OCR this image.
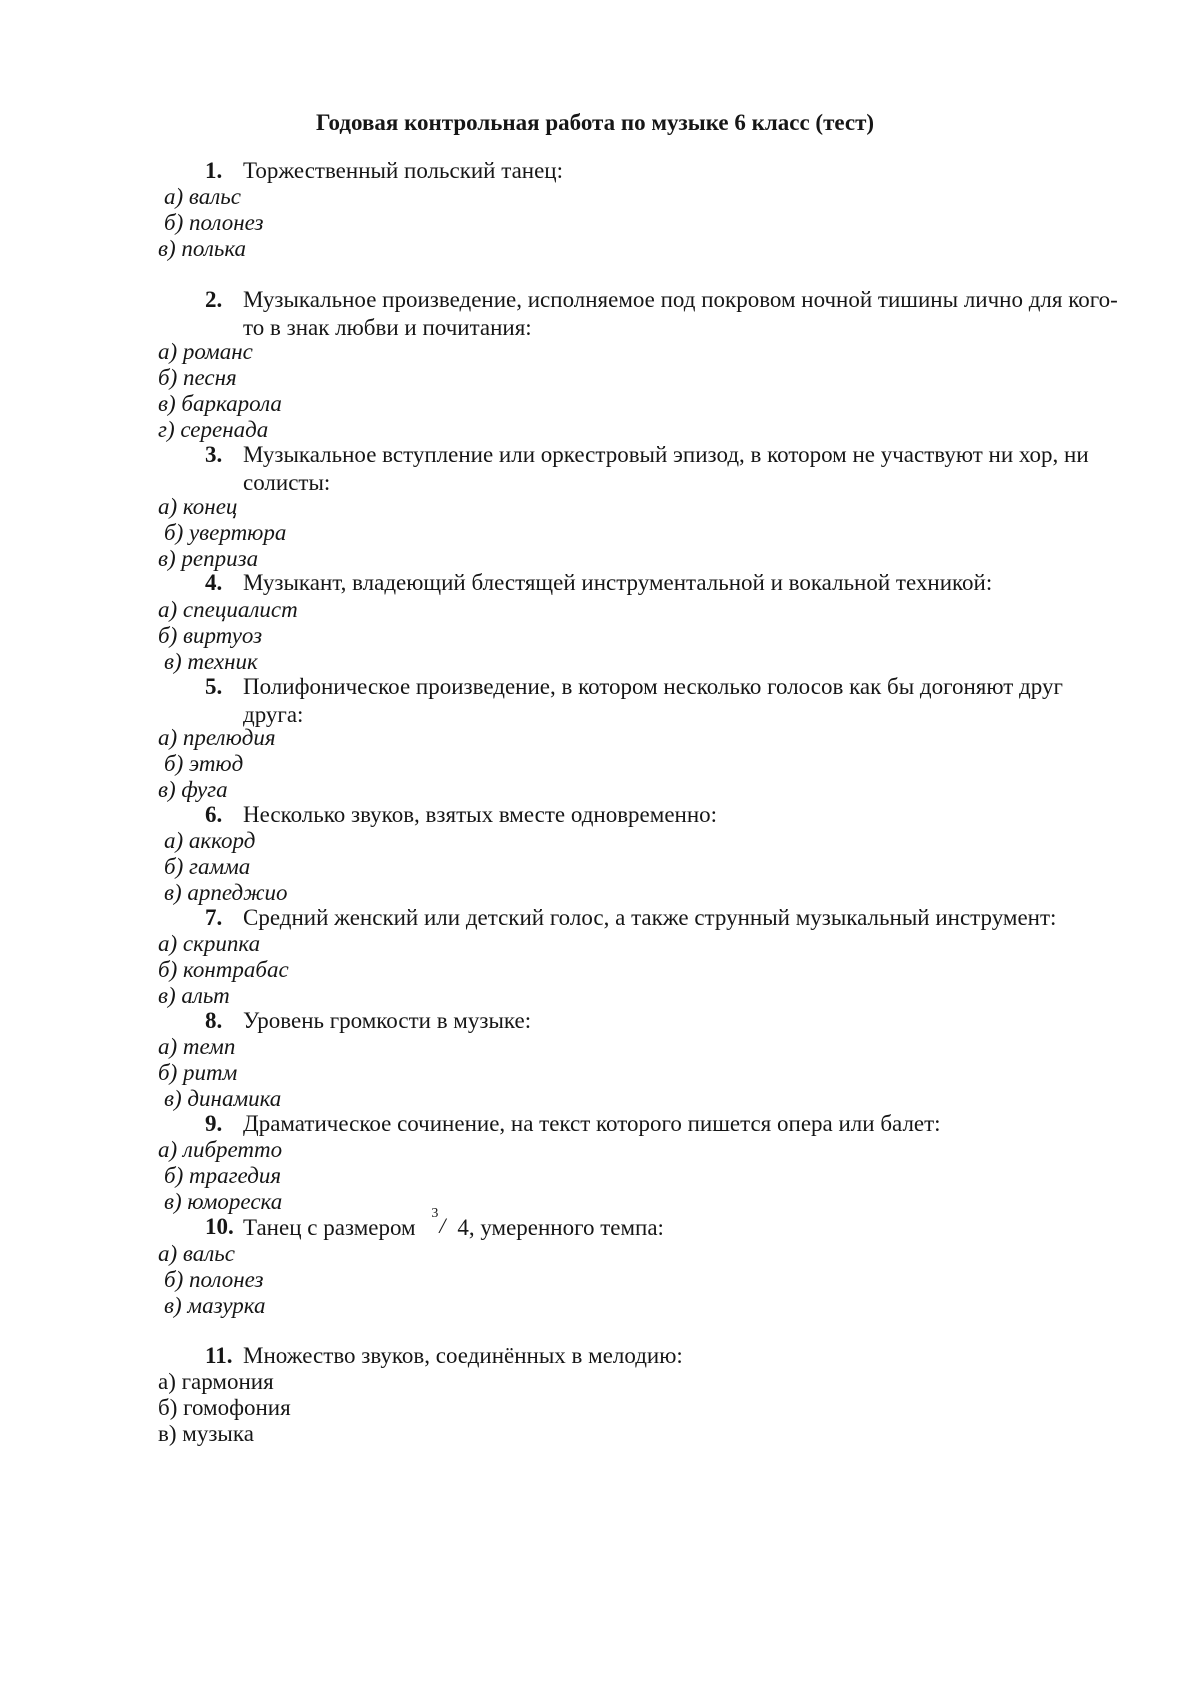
Годовая контрольная работа по музыке 6 класс (тест)

1. Торжественный польский танец:

а) вальс
б) полонез
в) полька

2. Музыкальное произведение, исполняемое под покровом ночной тишины лично для кого-то в знак любви и почитания:

а) романс
б) песня
в) баркарола
г) серенада

3. Музыкальное вступление или оркестровый эпизод, в котором не участвуют ни хор, ни солисты:

а) конец
б) увертюра
в) реприза

4. Музыкант, владеющий блестящей инструментальной и вокальной техникой:

а) специалист
б) виртуоз
в) техник

5. Полифоническое произведение, в котором несколько голосов как бы догоняют друг друга:

а) прелюдия
б) этюд
в) фуга

6. Несколько звуков, взятых вместе одновременно:

а) аккорд
б) гамма
в) арпеджио

7. Средний женский или детский голос, а также струнный музыкальный инструмент:

а) скрипка
б) контрабас
в) альт

8. Уровень громкости в музыке:

а) темп
б) ритм
в) динамика

9. Драматическое сочинение, на текст которого пишется опера или балет:

а) либретто
б) трагедия
в) юмореска

10. Танец с размером
3 / 4, умеренного темпа:

а) вальс
б) полонез
в) мазурка

11. Множество звуков, соединённых в мелодию:

а) гармония
б) гомофония
в) музыка
